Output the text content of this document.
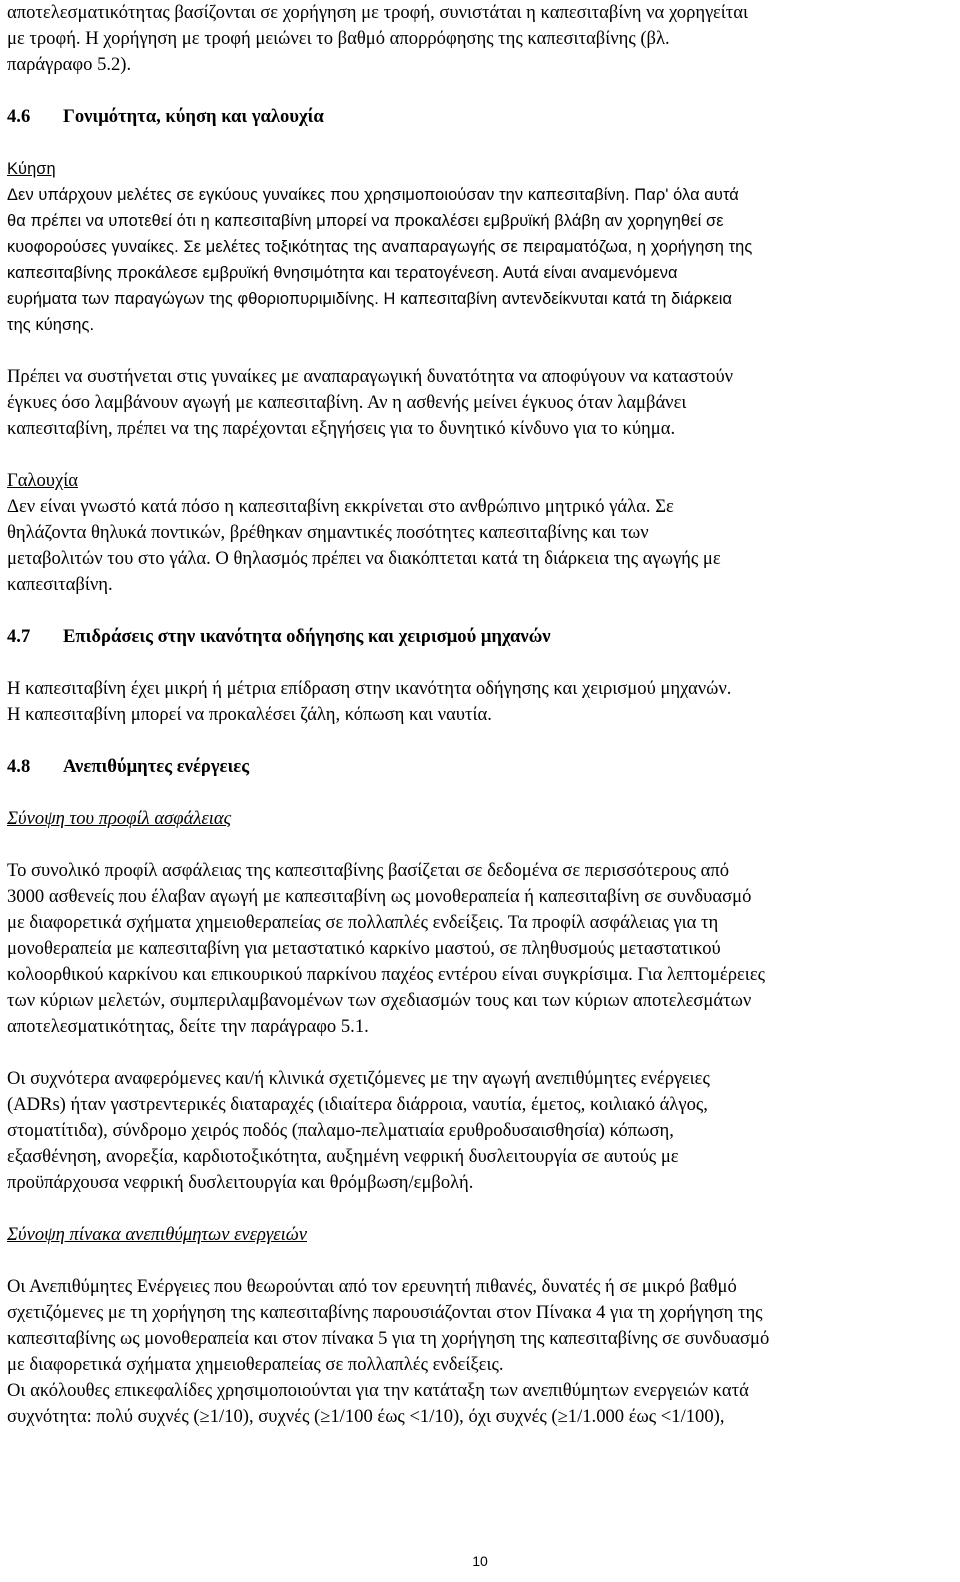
αποτελεσματικότητας βασίζονται σε χορήγηση με τροφή, συνιστάται η καπεσιταβίνη να χορηγείται

με τροφή. Η χορήγηση με τροφή μειώνει το βαθμό απορρόφησης της καπεσιταβίνης (βλ.

παράγραφο 5.2).

4.6 Γονιμότητα, κύηση και γαλουχία

Κύηση

Δεν υπάρχουν μελέτες σε εγκύους γυναίκες που χρησιμοποιούσαν την καπεσιταβίνη. Παρ' όλα αυτά

θα πρέπει να υποτεθεί ότι η καπεσιταβίνη μπορεί να προκαλέσει εμβρυϊκή βλάβη αν χορηγηθεί σε

κυοφορούσες γυναίκες. Σε μελέτες τοξικότητας της αναπαραγωγής σε πειραματόζωα, η χορήγηση της

καπεσιταβίνης προκάλεσε εμβρυϊκή θνησιμότητα και τερατογένεση. Αυτά είναι αναμενόμενα

ευρήματα των παραγώγων της φθοριοπυριμιδίνης. Η καπεσιταβίνη αντενδείκνυται κατά τη διάρκεια

της κύησης.

Πρέπει να συστήνεται στις γυναίκες με αναπαραγωγική δυνατότητα να αποφύγουν να καταστούν

έγκυες όσο λαμβάνουν αγωγή με καπεσιταβίνη. Αν η ασθενής μείνει έγκυος όταν λαμβάνει

καπεσιταβίνη, πρέπει να της παρέχονται εξηγήσεις για το δυνητικό κίνδυνο για το κύημα.

Γαλουχία

Δεν είναι γνωστό κατά πόσο η καπεσιταβίνη εκκρίνεται στο ανθρώπινο μητρικό γάλα. Σε

θηλάζοντα θηλυκά ποντικών, βρέθηκαν σημαντικές ποσότητες καπεσιταβίνης και των

μεταβολιτών του στο γάλα. Ο θηλασμός πρέπει να διακόπτεται κατά τη διάρκεια της αγωγής με

καπεσιταβίνη.

4.7 Επιδράσεις στην ικανότητα οδήγησης και χειρισμού μηχανών

Η καπεσιταβίνη έχει μικρή ή μέτρια επίδραση στην ικανότητα οδήγησης και χειρισμού μηχανών.

Η καπεσιταβίνη μπορεί να προκαλέσει ζάλη, κόπωση και ναυτία.

4.8 Ανεπιθύμητες ενέργειες

Σύνοψη του προφίλ ασφάλειας

Το συνολικό προφίλ ασφάλειας της καπεσιταβίνης βασίζεται σε δεδομένα σε περισσότερους από

3000 ασθενείς που έλαβαν αγωγή με καπεσιταβίνη ως μονοθεραπεία ή καπεσιταβίνη σε συνδυασμό

με διαφορετικά σχήματα χημειοθεραπείας σε πολλαπλές ενδείξεις. Τα προφίλ ασφάλειας για τη

μονοθεραπεία με καπεσιταβίνη για μεταστατικό καρκίνο μαστού, σε πληθυσμούς μεταστατικού

κολοορθικού καρκίνου και επικουρικού παρκίνου παχέος εντέρου είναι συγκρίσιμα. Για λεπτομέρειες

των κύριων μελετών, συμπεριλαμβανομένων των σχεδιασμών τους και των κύριων αποτελεσμάτων

αποτελεσματικότητας, δείτε την παράγραφο 5.1.

Οι συχνότερα αναφερόμενες και/ή κλινικά σχετιζόμενες με την αγωγή ανεπιθύμητες ενέργειες

(ADRs) ήταν γαστρεντερικές διαταραχές (ιδιαίτερα διάρροια, ναυτία, έμετος, κοιλιακό άλγος,

στοματίτιδα), σύνδρομο χειρός ποδός (παλαμο-πελματιαία ερυθροδυσαισθησία) κόπωση,

εξασθένηση, ανορεξία, καρδιοτοξικότητα, αυξημένη νεφρική δυσλειτουργία σε αυτούς με

προϋπάρχουσα νεφρική δυσλειτουργία και θρόμβωση/εμβολή.

Σύνοψη πίνακα ανεπιθύμητων ενεργειών

Οι Ανεπιθύμητες Ενέργειες που θεωρούνται από τον ερευνητή πιθανές, δυνατές ή σε μικρό βαθμό

σχετιζόμενες με τη χορήγηση της καπεσιταβίνης παρουσιάζονται στον Πίνακα 4 για τη χορήγηση της

καπεσιταβίνης ως μονοθεραπεία και στον πίνακα 5 για τη χορήγηση της καπεσιταβίνης σε συνδυασμό

με διαφορετικά σχήματα χημειοθεραπείας σε πολλαπλές ενδείξεις.

Οι ακόλουθες επικεφαλίδες χρησιμοποιούνται για την κατάταξη των ανεπιθύμητων ενεργειών κατά

συχνότητα: πολύ συχνές (≥1/10), συχνές (≥1/100 έως <1/10), όχι συχνές (≥1/1.000 έως <1/100),

10
